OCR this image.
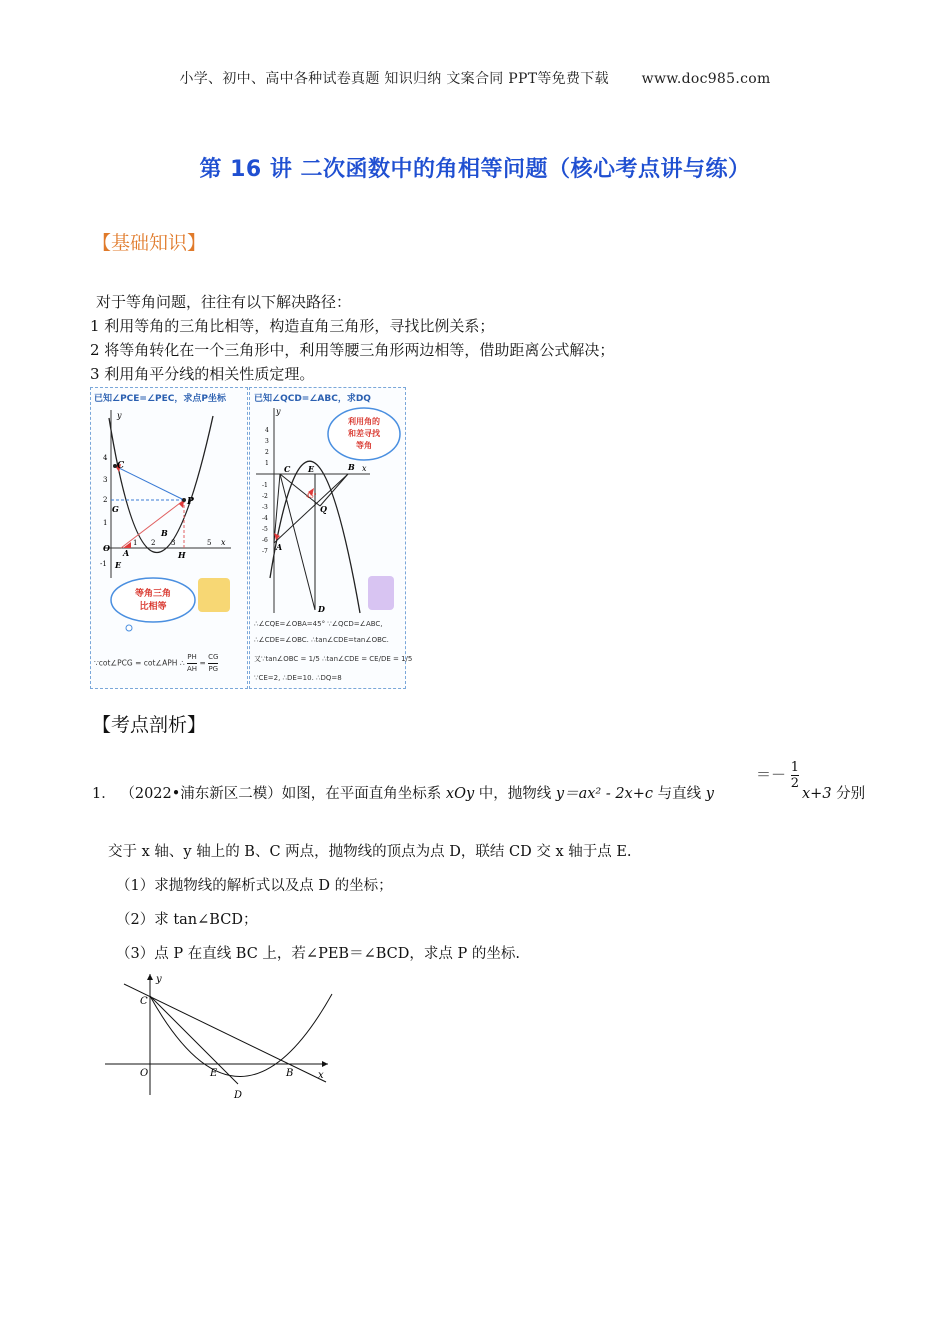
小学、初中、高中各种试卷真题 知识归纳 文案合同 PPT等免费下载 www.doc985.com
第 16 讲 二次函数中的角相等问题（核心考点讲与练）
【基础知识】
对于等角问题，往往有以下解决路径：
1 利用等角的三角比相等，构造直角三角形，寻找比例关系；
2 将等角转化在一个三角形中，利用等腰三角形两边相等，借助距离公式解决；
3 利用角平分线的相关性质定理。
已知∠PCE=∠PEC，求点P坐标
y
x
C
P
G
B
H
O A
E
4
3
2
1
-1
1 2 3	5
等角三角
比相等
∵cot∠PCG = cot∠APH ∴ $\frac{PH}{AH} = \frac{CG}{PG}$
已知∠QCD=∠ABC，求DQ
C E	B
Q
D
A
45°
y
x
4
3
2
1
-1
-2
-3
-4
-5
-6
-7
利用角的
和差寻找
等角
∴∠CQE=∠OBA=45° ∵∠QCD=∠ABC,
∴∠CDE=∠OBC. ∴tan∠CDE=tan∠OBC.
又∵tan∠OBC = 1/5 ∴tan∠CDE = CE/DE = 1/5
∵CE=2, ∴DE=10. ∴DQ=8
【考点剖析】
1． （2022•浦东新区二模）如图，在平面直角坐标系 xOy 中，抛物线 y＝ax² - 2x+c 与直线 y
＝－ $\frac{1}{2}$
x+3 分别
交于 x 轴、y 轴上的 B、C 两点，抛物线的顶点为点 D，联结 CD 交 x 轴于点 E.
（1）求抛物线的解析式以及点 D 的坐标；
（2）求 tan∠BCD；
（3）点 P 在直线 BC 上，若∠PEB＝∠BCD，求点 P 的坐标.
y
x
C
O	E	B
D
